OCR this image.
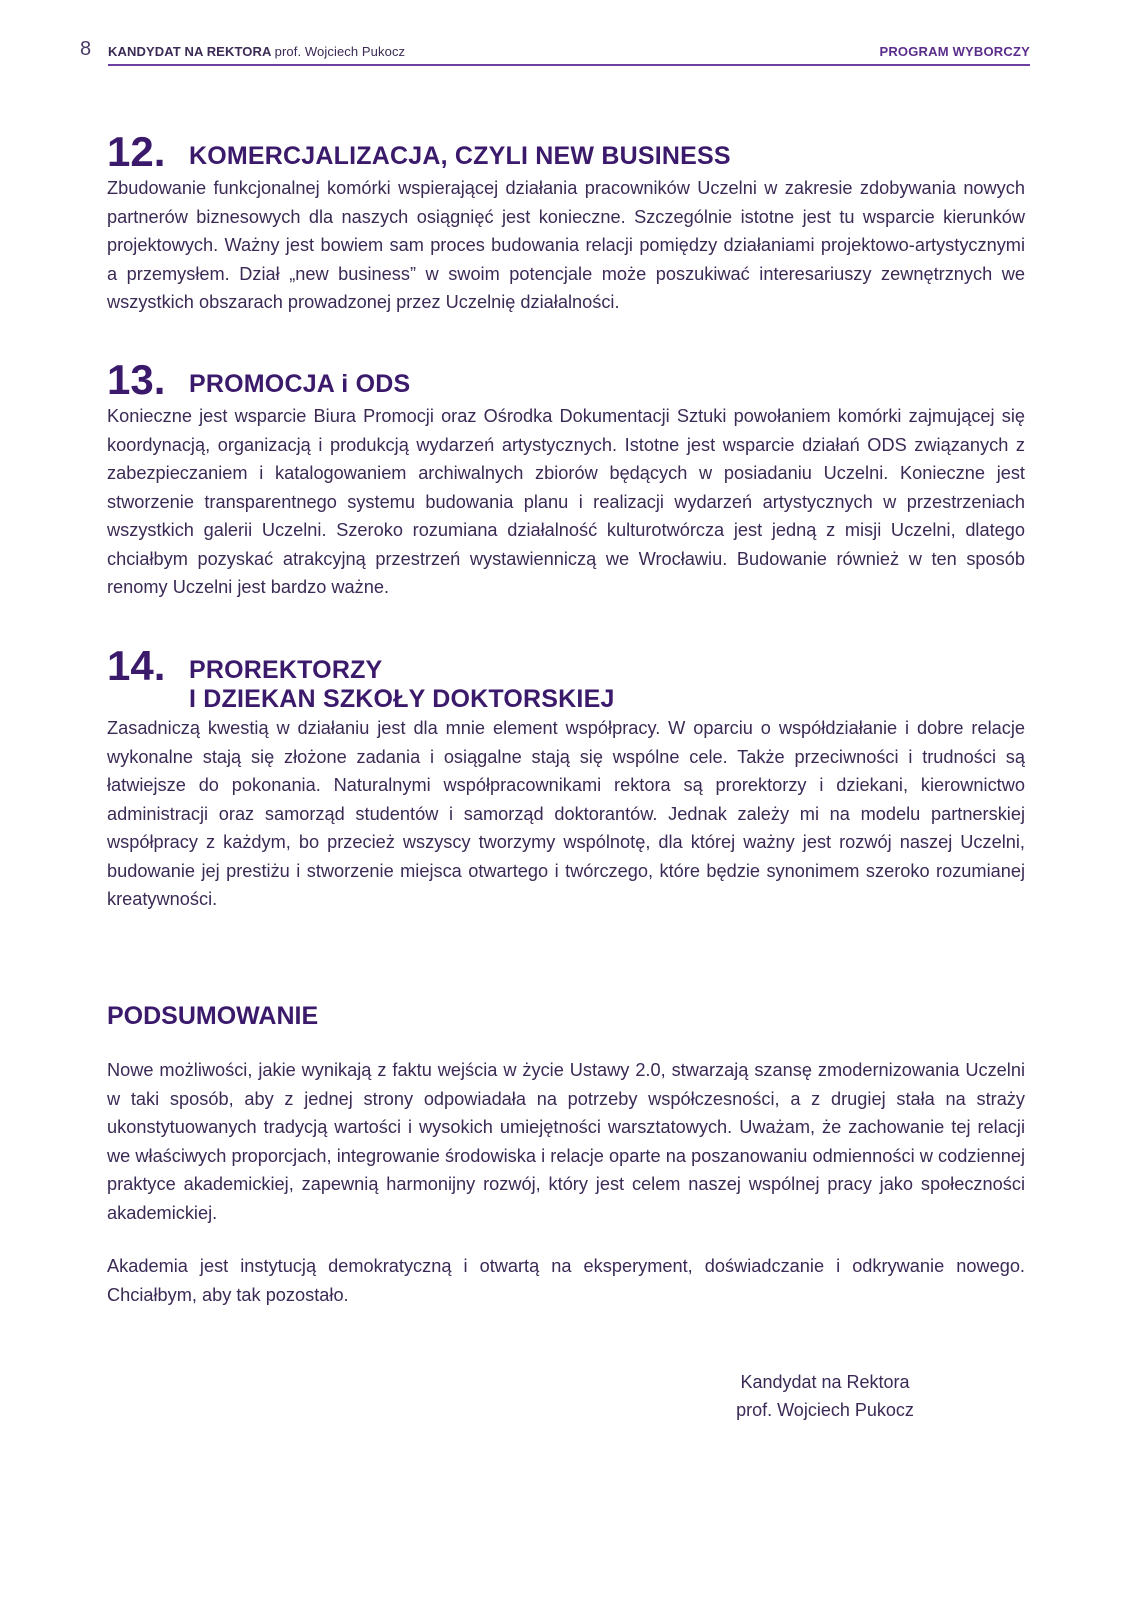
8 KANDYDAT NA REKTORA prof. Wojciech Pukocz	PROGRAM WYBORCZY
12. KOMERCJALIZACJA, CZYLI NEW BUSINESS
Zbudowanie funkcjonalnej komórki wspierającej działania pracowników Uczelni w zakresie zdobywania nowych partnerów biznesowych dla naszych osiągnięć jest konieczne. Szczególnie istotne jest tu wsparcie kierunków projektowych. Ważny jest bowiem sam proces budowania relacji pomiędzy działaniami projektowo-artystycznymi a przemysłem. Dział „new business” w swoim potencjale może poszukiwać interesariuszy zewnętrznych we wszystkich obszarach prowadzonej przez Uczelnię działalności.
13. PROMOCJA i ODS
Konieczne jest wsparcie Biura Promocji oraz Ośrodka Dokumentacji Sztuki powołaniem komórki zajmującej się koordynacją, organizacją i produkcją wydarzeń artystycznych. Istotne jest wsparcie działań ODS związanych z zabezpieczaniem i katalogowaniem archiwalnych zbiorów będących w posiadaniu Uczelni. Konieczne jest stworzenie transparentnego systemu budowania planu i realizacji wydarzeń artystycznych w przestrzeniach wszystkich galerii Uczelni. Szeroko rozumiana działalność kulturotwórcza jest jedną z misji Uczelni, dlatego chciałbym pozyskać atrakcyjną przestrzeń wystawienniczą we Wrocławiu. Budowanie również w ten sposób renomy Uczelni jest bardzo ważne.
14. PROREKTORZY
I DZIEKAN SZKOŁY DOKTORSKIEJ
Zasadniczą kwestią w działaniu jest dla mnie element współpracy. W oparciu o współdziałanie i dobre relacje wykonalne stają się złożone zadania i osiągalne stają się wspólne cele. Także przeciwności i trudności są łatwiejsze do pokonania. Naturalnymi współpracownikami rektora są prorektorzy i dziekani, kierownictwo administracji oraz samorząd studentów i samorząd doktorantów. Jednak zależy mi na modelu partnerskiej współpracy z każdym, bo przecież wszyscy tworzymy wspólnotę, dla której ważny jest rozwój naszej Uczelni, budowanie jej prestiżu i stworzenie miejsca otwartego i twórczego, które będzie synonimem szeroko rozumianej kreatywności.
PODSUMOWANIE
Nowe możliwości, jakie wynikają z faktu wejścia w życie Ustawy 2.0, stwarzają szansę zmodernizowania Uczelni w taki sposób, aby z jednej strony odpowiadała na potrzeby współczesności, a z drugiej stała na straży ukonstytuowanych tradycją wartości i wysokich umiejętności warsztatowych. Uważam, że zachowanie tej relacji we właściwych proporcjach, integrowanie środowiska i relacje oparte na poszanowaniu odmienności w codziennej praktyce akademickiej, zapewnią harmonijny rozwój, który jest celem naszej wspólnej pracy jako społeczności akademickiej.
Akademia jest instytucją demokratyczną i otwartą na eksperyment, doświadczanie i odkrywanie nowego. Chciałbym, aby tak pozostało.
Kandydat na Rektora
prof. Wojciech Pukocz
